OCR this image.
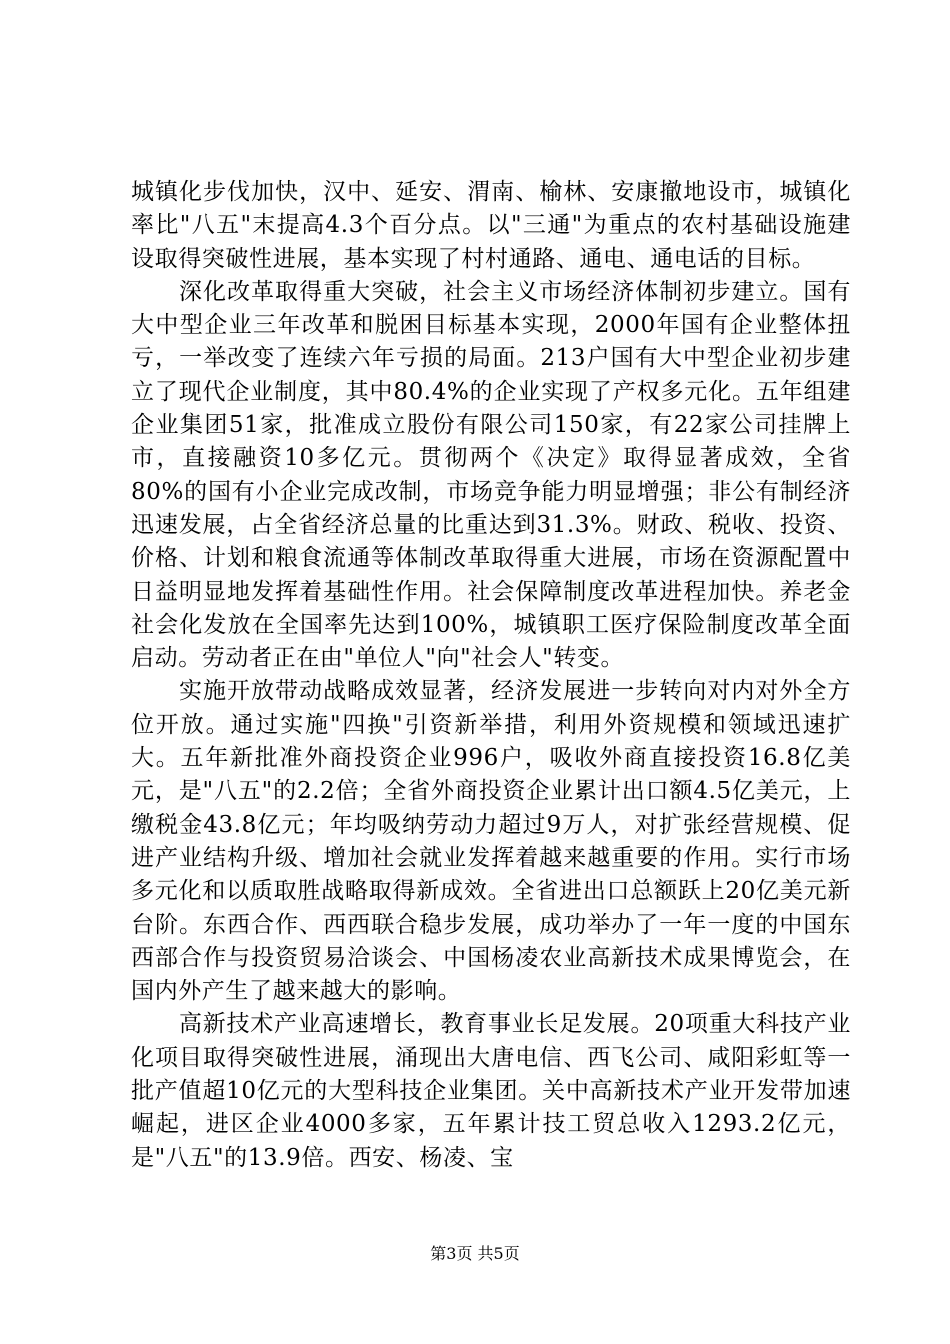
城镇化步伐加快，汉中、延安、渭南、榆林、安康撤地设市，城镇化率比"八五"末提高4.3个百分点。以"三通"为重点的农村基础设施建设取得突破性进展，基本实现了村村通路、通电、通电话的目标。

深化改革取得重大突破，社会主义市场经济体制初步建立。国有大中型企业三年改革和脱困目标基本实现，2000年国有企业整体扭亏，一举改变了连续六年亏损的局面。213户国有大中型企业初步建立了现代企业制度，其中80.4%的企业实现了产权多元化。五年组建企业集团51家，批准成立股份有限公司150家，有22家公司挂牌上市，直接融资10多亿元。贯彻两个《决定》取得显著成效，全省80%的国有小企业完成改制，市场竞争能力明显增强；非公有制经济迅速发展，占全省经济总量的比重达到31.3%。财政、税收、投资、价格、计划和粮食流通等体制改革取得重大进展，市场在资源配置中日益明显地发挥着基础性作用。社会保障制度改革进程加快。养老金社会化发放在全国率先达到100%，城镇职工医疗保险制度改革全面启动。劳动者正在由"单位人"向"社会人"转变。

实施开放带动战略成效显著，经济发展进一步转向对内对外全方位开放。通过实施"四换"引资新举措，利用外资规模和领域迅速扩大。五年新批准外商投资企业996户，吸收外商直接投资16.8亿美元，是"八五"的2.2倍；全省外商投资企业累计出口额4.5亿美元，上缴税金43.8亿元；年均吸纳劳动力超过9万人，对扩张经营规模、促进产业结构升级、增加社会就业发挥着越来越重要的作用。实行市场多元化和以质取胜战略取得新成效。全省进出口总额跃上20亿美元新台阶。东西合作、西西联合稳步发展，成功举办了一年一度的中国东西部合作与投资贸易洽谈会、中国杨凌农业高新技术成果博览会，在国内外产生了越来越大的影响。

高新技术产业高速增长，教育事业长足发展。20项重大科技产业化项目取得突破性进展，涌现出大唐电信、西飞公司、咸阳彩虹等一批产值超10亿元的大型科技企业集团。关中高新技术产业开发带加速崛起，进区企业4000多家，五年累计技工贸总收入1293.2亿元，是"八五"的13.9倍。西安、杨凌、宝

第3页 共5页
